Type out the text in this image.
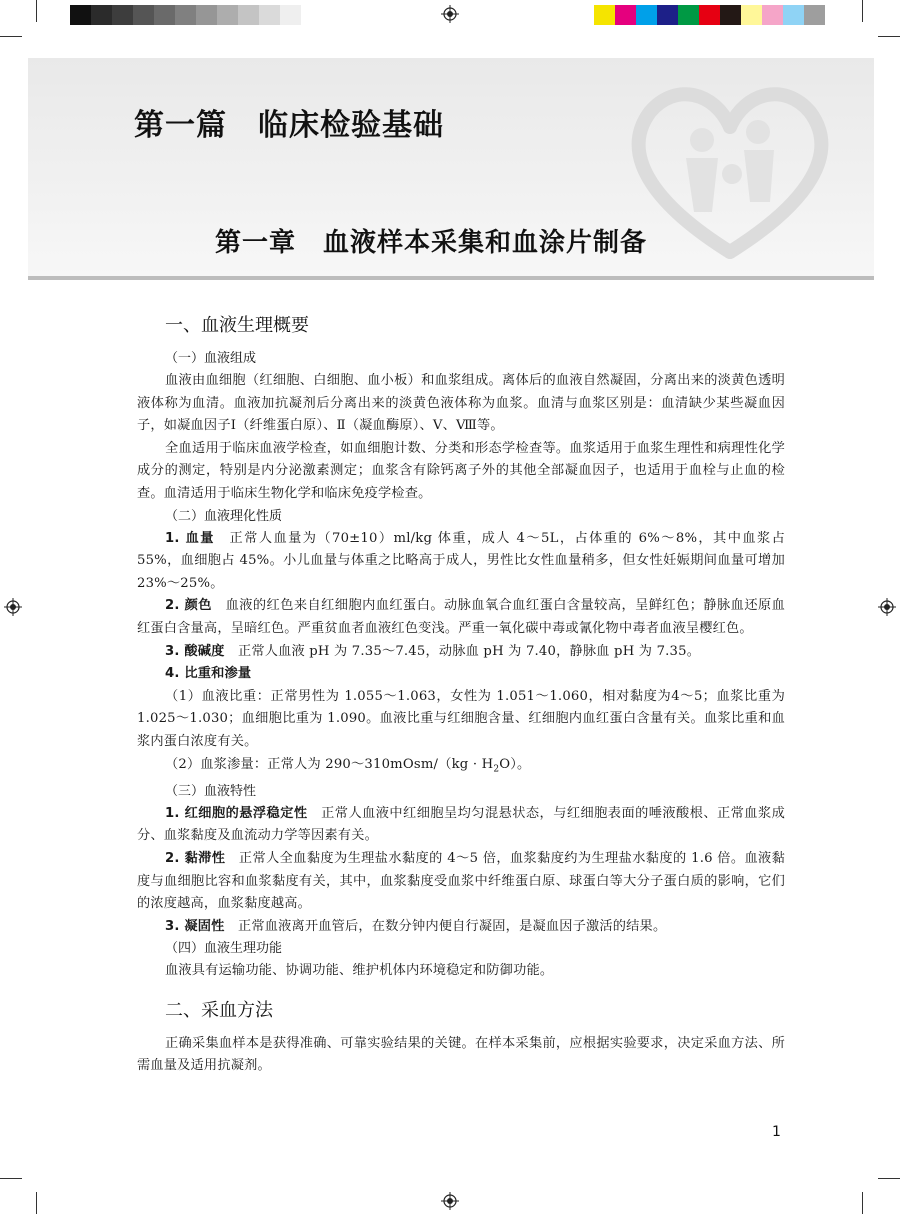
第一篇　临床检验基础
第一章　血液样本采集和血涂片制备
一、血液生理概要
（一）血液组成

血液由血细胞（红细胞、白细胞、血小板）和血浆组成。离体后的血液自然凝固，分离出来的淡黄色透明液体称为血清。血液加抗凝剂后分离出来的淡黄色液体称为血浆。血清与血浆区别是：血清缺少某些凝血因子，如凝血因子Ⅰ（纤维蛋白原）、Ⅱ（凝血酶原）、Ⅴ、Ⅷ等。

全血适用于临床血液学检查，如血细胞计数、分类和形态学检查等。血浆适用于血浆生理性和病理性化学成分的测定，特别是内分泌激素测定；血浆含有除钙离子外的其他全部凝血因子，也适用于血栓与止血的检查。血清适用于临床生物化学和临床免疫学检查。

（二）血液理化性质

1. 血量　 正常人血量为（70±10）ml/kg 体重，成人 4～5L，占体重的 6%～8%，其中血浆占 55%，血细胞占 45%。小儿血量与体重之比略高于成人，男性比女性血量稍多，但女性妊娠期间血量可增加 23%～25%。

2. 颜色　 血液的红色来自红细胞内血红蛋白。动脉血氧合血红蛋白含量较高，呈鲜红色；静脉血还原血红蛋白含量高，呈暗红色。严重贫血者血液红色变浅。严重一氧化碳中毒或氰化物中毒者血液呈樱红色。

3. 酸碱度　 正常人血液 pH 为 7.35～7.45，动脉血 pH 为 7.40，静脉血 pH 为 7.35。

4. 比重和渗量

（1）血液比重：正常男性为 1.055～1.063，女性为 1.051～1.060，相对黏度为4～5；血浆比重为 1.025～1.030；血细胞比重为 1.090。血液比重与红细胞含量、红细胞内血红蛋白含量有关。血浆比重和血浆内蛋白浓度有关。

（2）血浆渗量：正常人为 290～310mOsm/（kg · $H_2O$）。

（三）血液特性

1. 红细胞的悬浮稳定性　 正常人血液中红细胞呈均匀混悬状态，与红细胞表面的唾液酸根、正常血浆成分、血浆黏度及血流动力学等因素有关。

2. 黏滞性　 正常人全血黏度为生理盐水黏度的 4～5 倍，血浆黏度约为生理盐水黏度的 1.6 倍。血液黏度与血细胞比容和血浆黏度有关，其中，血浆黏度受血浆中纤维蛋白原、球蛋白等大分子蛋白质的影响，它们的浓度越高，血浆黏度越高。

3. 凝固性　 正常血液离开血管后，在数分钟内便自行凝固，是凝血因子激活的结果。

（四）血液生理功能

血液具有运输功能、协调功能、维护机体内环境稳定和防御功能。

二、采血方法

正确采集血样本是获得准确、可靠实验结果的关键。在样本采集前，应根据实验要求，决定采血方法、所需血量及适用抗凝剂。

1
